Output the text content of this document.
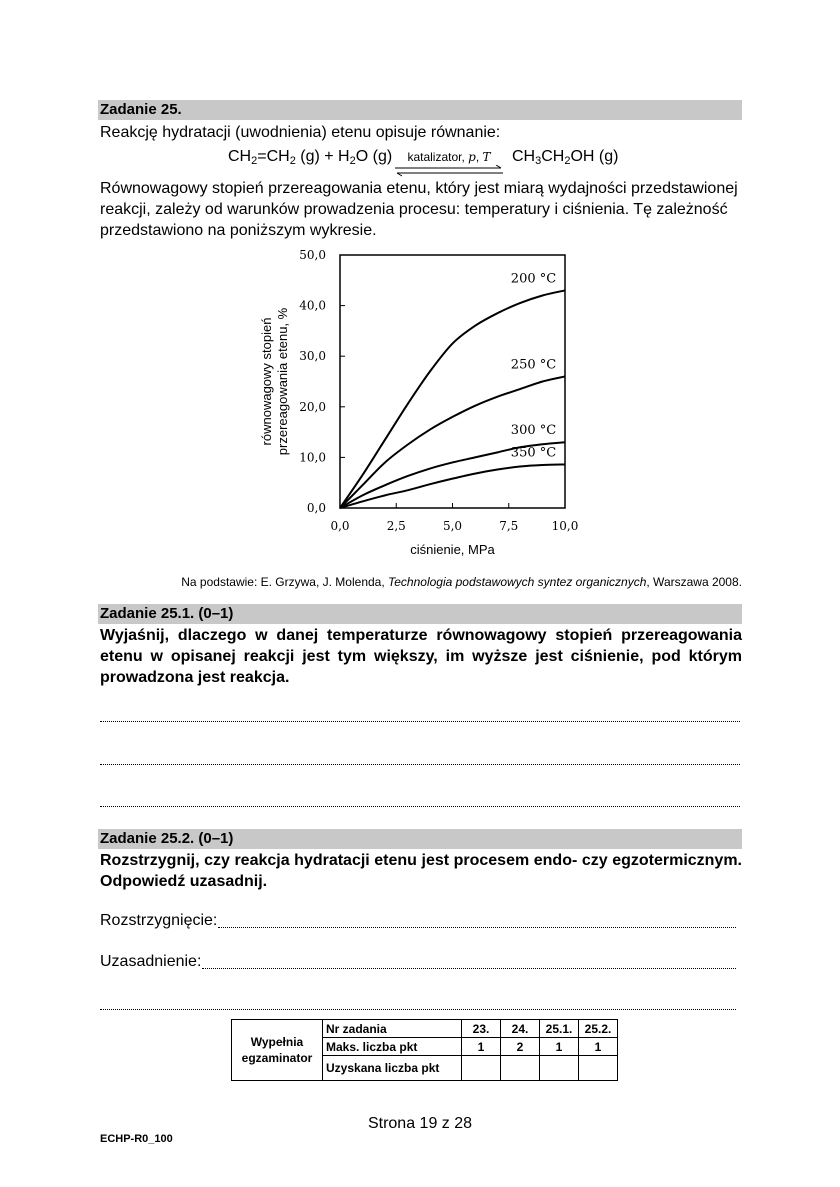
Zadanie 25.
Reakcję hydratacji (uwodnienia) etenu opisuje równanie:
$CH_2=CH_2$ $(g) + H_2O$ (g)	katalizator, p, T	$CH_3CH_2OH$ (g)
Równowagowy stopień przereagowania etenu, który jest miarą wydajności przedstawionej reakcji, zależy od warunków prowadzenia procesu: temperatury i ciśnienia. Tę zależność przedstawiono na poniższym wykresie.
0,0
10,0
20,0
30,0
40,0
50,0
0,0	2,5	5,0	7,5	10,0
ciśnienie, MPa
równowagowy stopień przereagowania etenu, %
200 °C
250 °C
300 °C
350 °C
Na podstawie: E. Grzywa, J. Molenda, Technologia podstawowych syntez organicznych, Warszawa 2008.
Zadanie 25.1. (0–1)
Wyjaśnij, dlaczego w danej temperaturze równowagowy stopień przereagowania etenu w opisanej reakcji jest tym większy, im wyższe jest ciśnienie, pod którym prowadzona jest reakcja.
Zadanie 25.2. (0–1)
Rozstrzygnij, czy reakcja hydratacji etenu jest procesem endo- czy egzotermicznym. Odpowiedź uzasadnij.
Rozstrzygnięcie:
Uzasadnienie:
Wypełnia
egzaminator	Nr zadania	23.	24.	25.1.	25.2.
	Maks. liczba pkt	1	2	1	1
	Uzyskana liczba pkt				
Strona 19 z 28
ECHP-R0_100
